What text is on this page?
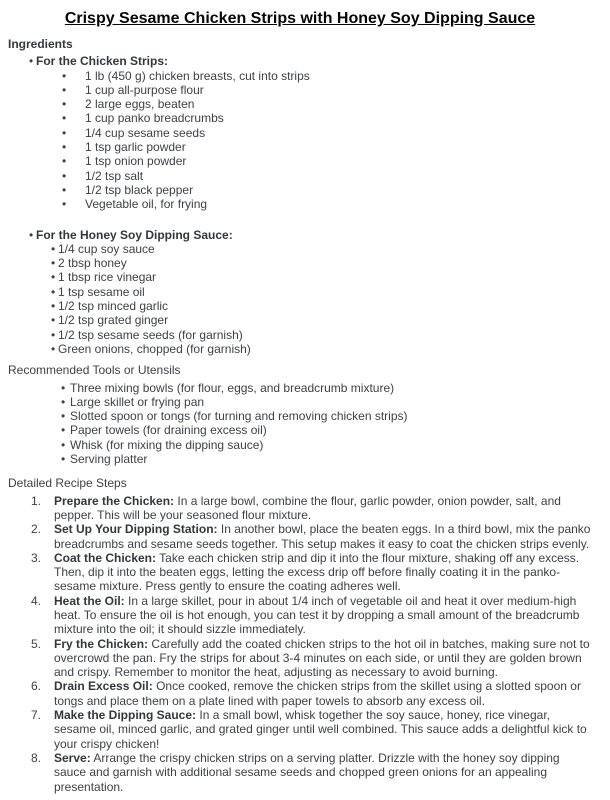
Crispy Sesame Chicken Strips with Honey Soy Dipping Sauce
Ingredients
• For the Chicken Strips:
• 1 lb (450 g) chicken breasts, cut into strips
• 1 cup all-purpose flour
• 2 large eggs, beaten
• 1 cup panko breadcrumbs
• 1/4 cup sesame seeds
• 1 tsp garlic powder
• 1 tsp onion powder
• 1/2 tsp salt
• 1/2 tsp black pepper
• Vegetable oil, for frying
• For the Honey Soy Dipping Sauce:
• 1/4 cup soy sauce
• 2 tbsp honey
• 1 tbsp rice vinegar
• 1 tsp sesame oil
• 1/2 tsp minced garlic
• 1/2 tsp grated ginger
• 1/2 tsp sesame seeds (for garnish)
• Green onions, chopped (for garnish)
Recommended Tools or Utensils
• Three mixing bowls (for flour, eggs, and breadcrumb mixture)
• Large skillet or frying pan
• Slotted spoon or tongs (for turning and removing chicken strips)
• Paper towels (for draining excess oil)
• Whisk (for mixing the dipping sauce)
• Serving platter
Detailed Recipe Steps
1. Prepare the Chicken: In a large bowl, combine the flour, garlic powder, onion powder, salt, and pepper. This will be your seasoned flour mixture.
2. Set Up Your Dipping Station: In another bowl, place the beaten eggs. In a third bowl, mix the panko breadcrumbs and sesame seeds together. This setup makes it easy to coat the chicken strips evenly.
3. Coat the Chicken: Take each chicken strip and dip it into the flour mixture, shaking off any excess. Then, dip it into the beaten eggs, letting the excess drip off before finally coating it in the panko-sesame mixture. Press gently to ensure the coating adheres well.
4. Heat the Oil: In a large skillet, pour in about 1/4 inch of vegetable oil and heat it over medium-high heat. To ensure the oil is hot enough, you can test it by dropping a small amount of the breadcrumb mixture into the oil; it should sizzle immediately.
5. Fry the Chicken: Carefully add the coated chicken strips to the hot oil in batches, making sure not to overcrowd the pan. Fry the strips for about 3-4 minutes on each side, or until they are golden brown and crispy. Remember to monitor the heat, adjusting as necessary to avoid burning.
6. Drain Excess Oil: Once cooked, remove the chicken strips from the skillet using a slotted spoon or tongs and place them on a plate lined with paper towels to absorb any excess oil.
7. Make the Dipping Sauce: In a small bowl, whisk together the soy sauce, honey, rice vinegar, sesame oil, minced garlic, and grated ginger until well combined. This sauce adds a delightful kick to your crispy chicken!
8. Serve: Arrange the crispy chicken strips on a serving platter. Drizzle with the honey soy dipping sauce and garnish with additional sesame seeds and chopped green onions for an appealing presentation.
